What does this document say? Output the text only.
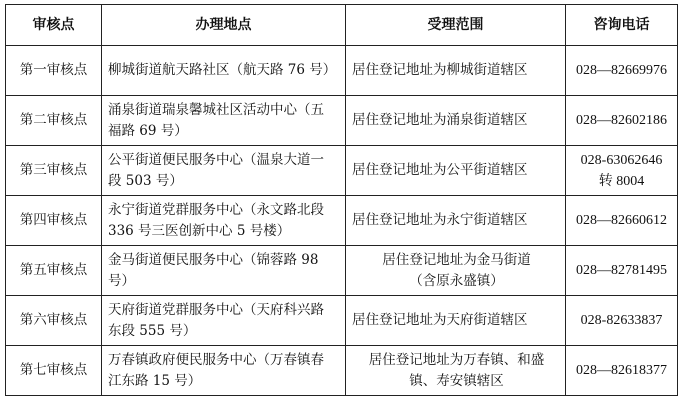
审核点	办理地点	受理范围	咨询电话
第一审核点	柳城街道航天路社区（航天路 76 号）	居住登记地址为柳城街道辖区	028—82669976

第二审核点	涌泉街道瑞泉馨城社区活动中心（五
福路 69 号）	居住登记地址为涌泉街道辖区	028—82602186

第三审核点	公平街道便民服务中心（温泉大道一
段 503 号）	居住登记地址为公平街道辖区	028-63062646
转 8004

第四审核点	永宁街道党群服务中心（永文路北段
336 号三医创新中心 5 号楼）	居住登记地址为永宁街道辖区	028—82660612

第五审核点	金马街道便民服务中心（锦蓉路 98
号）	居住登记地址为金马街道
（含原永盛镇）	028—82781495

第六审核点	天府街道党群服务中心（天府科兴路
东段 555 号）	居住登记地址为天府街道辖区	028-82633837

第七审核点	万春镇政府便民服务中心（万春镇春
江东路 15 号）	居住登记地址为万春镇、和盛
镇、寿安镇辖区	028—82618377
